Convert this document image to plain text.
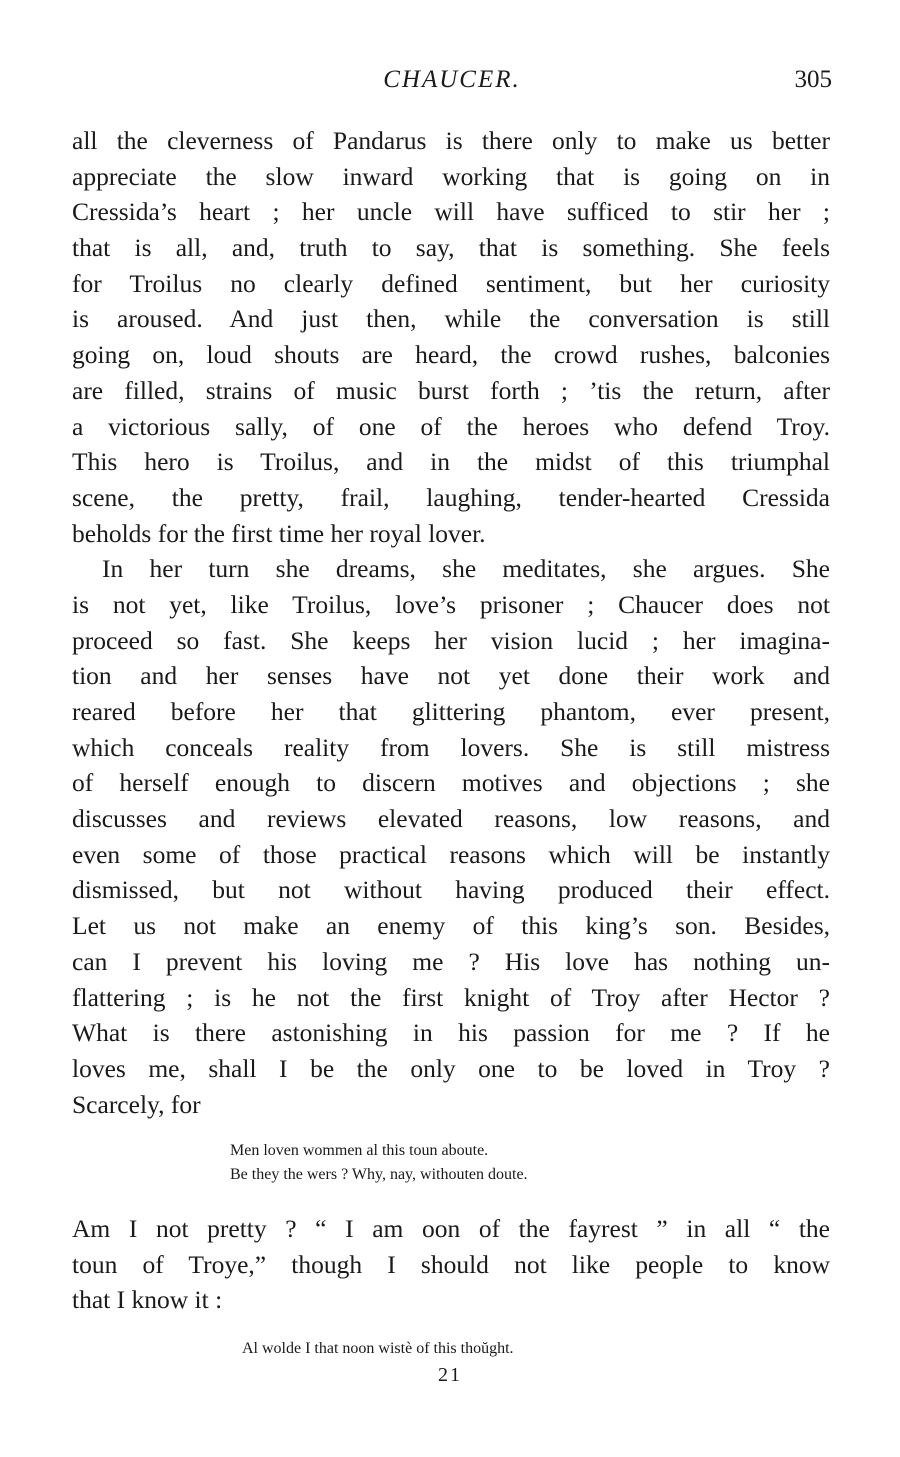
CHAUCER.	305
all the cleverness of Pandarus is there only to make us better
appreciate the slow inward working that is going on in
Cressida’s heart ; her uncle will have sufficed to stir her ;
that is all, and, truth to say, that is something. She feels
for Troilus no clearly defined sentiment, but her curiosity
is aroused. And just then, while the conversation is still
going on, loud shouts are heard, the crowd rushes, balconies
are filled, strains of music burst forth ; ’tis the return, after
a victorious sally, of one of the heroes who defend Troy.
This hero is Troilus, and in the midst of this triumphal
scene, the pretty, frail, laughing, tender-hearted Cressida
beholds for the first time her royal lover.
In her turn she dreams, she meditates, she argues. She
is not yet, like Troilus, love’s prisoner ; Chaucer does not
proceed so fast. She keeps her vision lucid ; her imagina-
tion and her senses have not yet done their work and
reared before her that glittering phantom, ever present,
which conceals reality from lovers. She is still mistress
of herself enough to discern motives and objections ; she
discusses and reviews elevated reasons, low reasons, and
even some of those practical reasons which will be instantly
dismissed, but not without having produced their effect.
Let us not make an enemy of this king’s son. Besides,
can I prevent his loving me ? His love has nothing un-
flattering ; is he not the first knight of Troy after Hector ?
What is there astonishing in his passion for me ? If he
loves me, shall I be the only one to be loved in Troy ?
Scarcely, for
Men loven wommen al this toun aboute.
Be they the wers ? Why, nay, withouten doute.
Am I not pretty ? “ I am oon of the fayrest ” in all “ the
toun of Troye,” though I should not like people to know
that I know it :
Al wolde I that noon wistè of this thoŭght.
21
